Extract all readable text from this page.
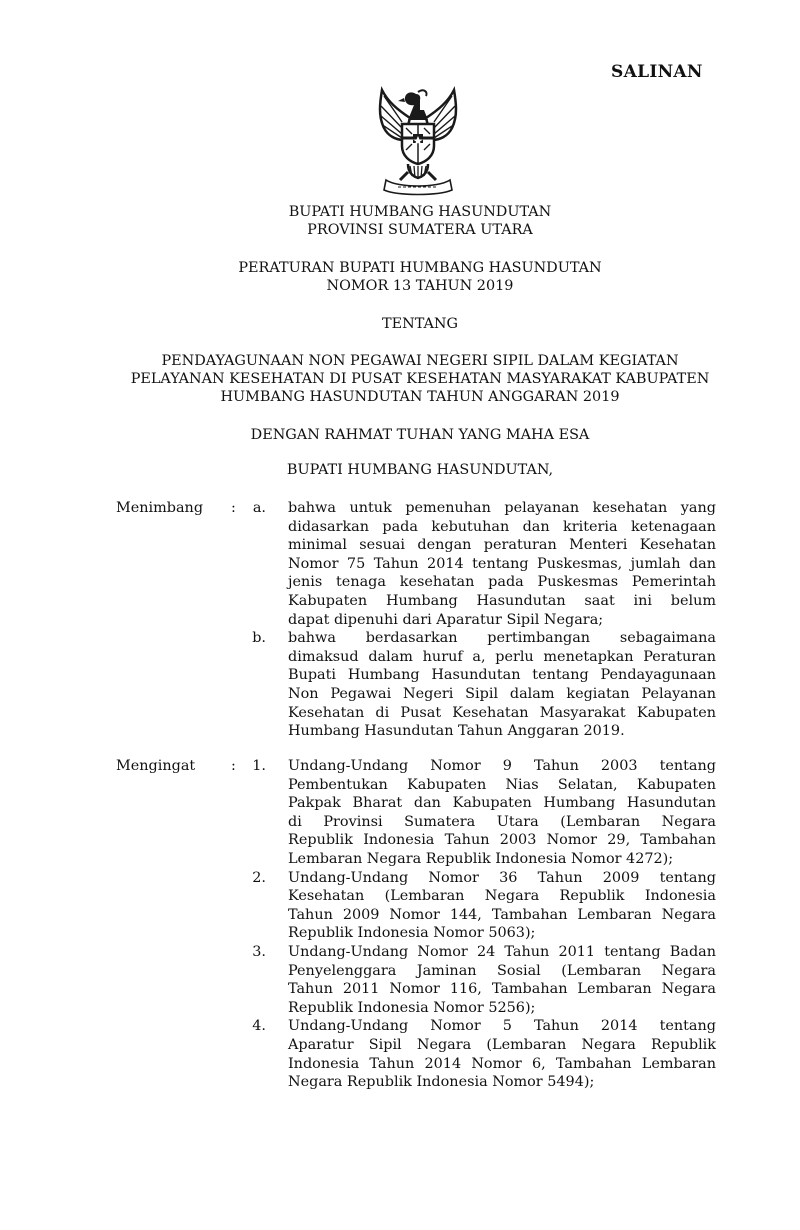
SALINAN
BUPATI HUMBANG HASUNDUTAN
PROVINSI SUMATERA UTARA
PERATURAN BUPATI HUMBANG HASUNDUTAN
NOMOR 13 TAHUN 2019
TENTANG
PENDAYAGUNAAN NON PEGAWAI NEGERI SIPIL DALAM KEGIATAN
PELAYANAN KESEHATAN DI PUSAT KESEHATAN MASYARAKAT KABUPATEN
HUMBANG HASUNDUTAN TAHUN ANGGARAN 2019
DENGAN RAHMAT TUHAN YANG MAHA ESA
BUPATI HUMBANG HASUNDUTAN,
Menimbang :	a. bahwa untuk pemenuhan pelayanan kesehatan yang
didasarkan pada kebutuhan dan kriteria ketenagaan
minimal sesuai dengan peraturan Menteri Kesehatan
Nomor 75 Tahun 2014 tentang Puskesmas, jumlah dan
jenis tenaga kesehatan pada Puskesmas Pemerintah
Kabupaten Humbang Hasundutan saat ini belum
dapat dipenuhi dari Aparatur Sipil Negara;
b. bahwa berdasarkan pertimbangan sebagaimana
dimaksud dalam huruf a, perlu menetapkan Peraturan
Bupati Humbang Hasundutan tentang Pendayagunaan
Non Pegawai Negeri Sipil dalam kegiatan Pelayanan
Kesehatan di Pusat Kesehatan Masyarakat Kabupaten
Humbang Hasundutan Tahun Anggaran 2019.
Mengingat :	1. Undang-Undang Nomor 9 Tahun 2003 tentang
Pembentukan Kabupaten Nias Selatan, Kabupaten
Pakpak Bharat dan Kabupaten Humbang Hasundutan
di Provinsi Sumatera Utara (Lembaran Negara
Republik Indonesia Tahun 2003 Nomor 29, Tambahan
Lembaran Negara Republik Indonesia Nomor 4272);
2. Undang-Undang Nomor 36 Tahun 2009 tentang
Kesehatan (Lembaran Negara Republik Indonesia
Tahun 2009 Nomor 144, Tambahan Lembaran Negara
Republik Indonesia Nomor 5063);
3. Undang-Undang Nomor 24 Tahun 2011 tentang Badan
Penyelenggara Jaminan Sosial (Lembaran Negara
Tahun 2011 Nomor 116, Tambahan Lembaran Negara
Republik Indonesia Nomor 5256);
4. Undang-Undang Nomor 5 Tahun 2014 tentang
Aparatur Sipil Negara (Lembaran Negara Republik
Indonesia Tahun 2014 Nomor 6, Tambahan Lembaran
Negara Republik Indonesia Nomor 5494);
